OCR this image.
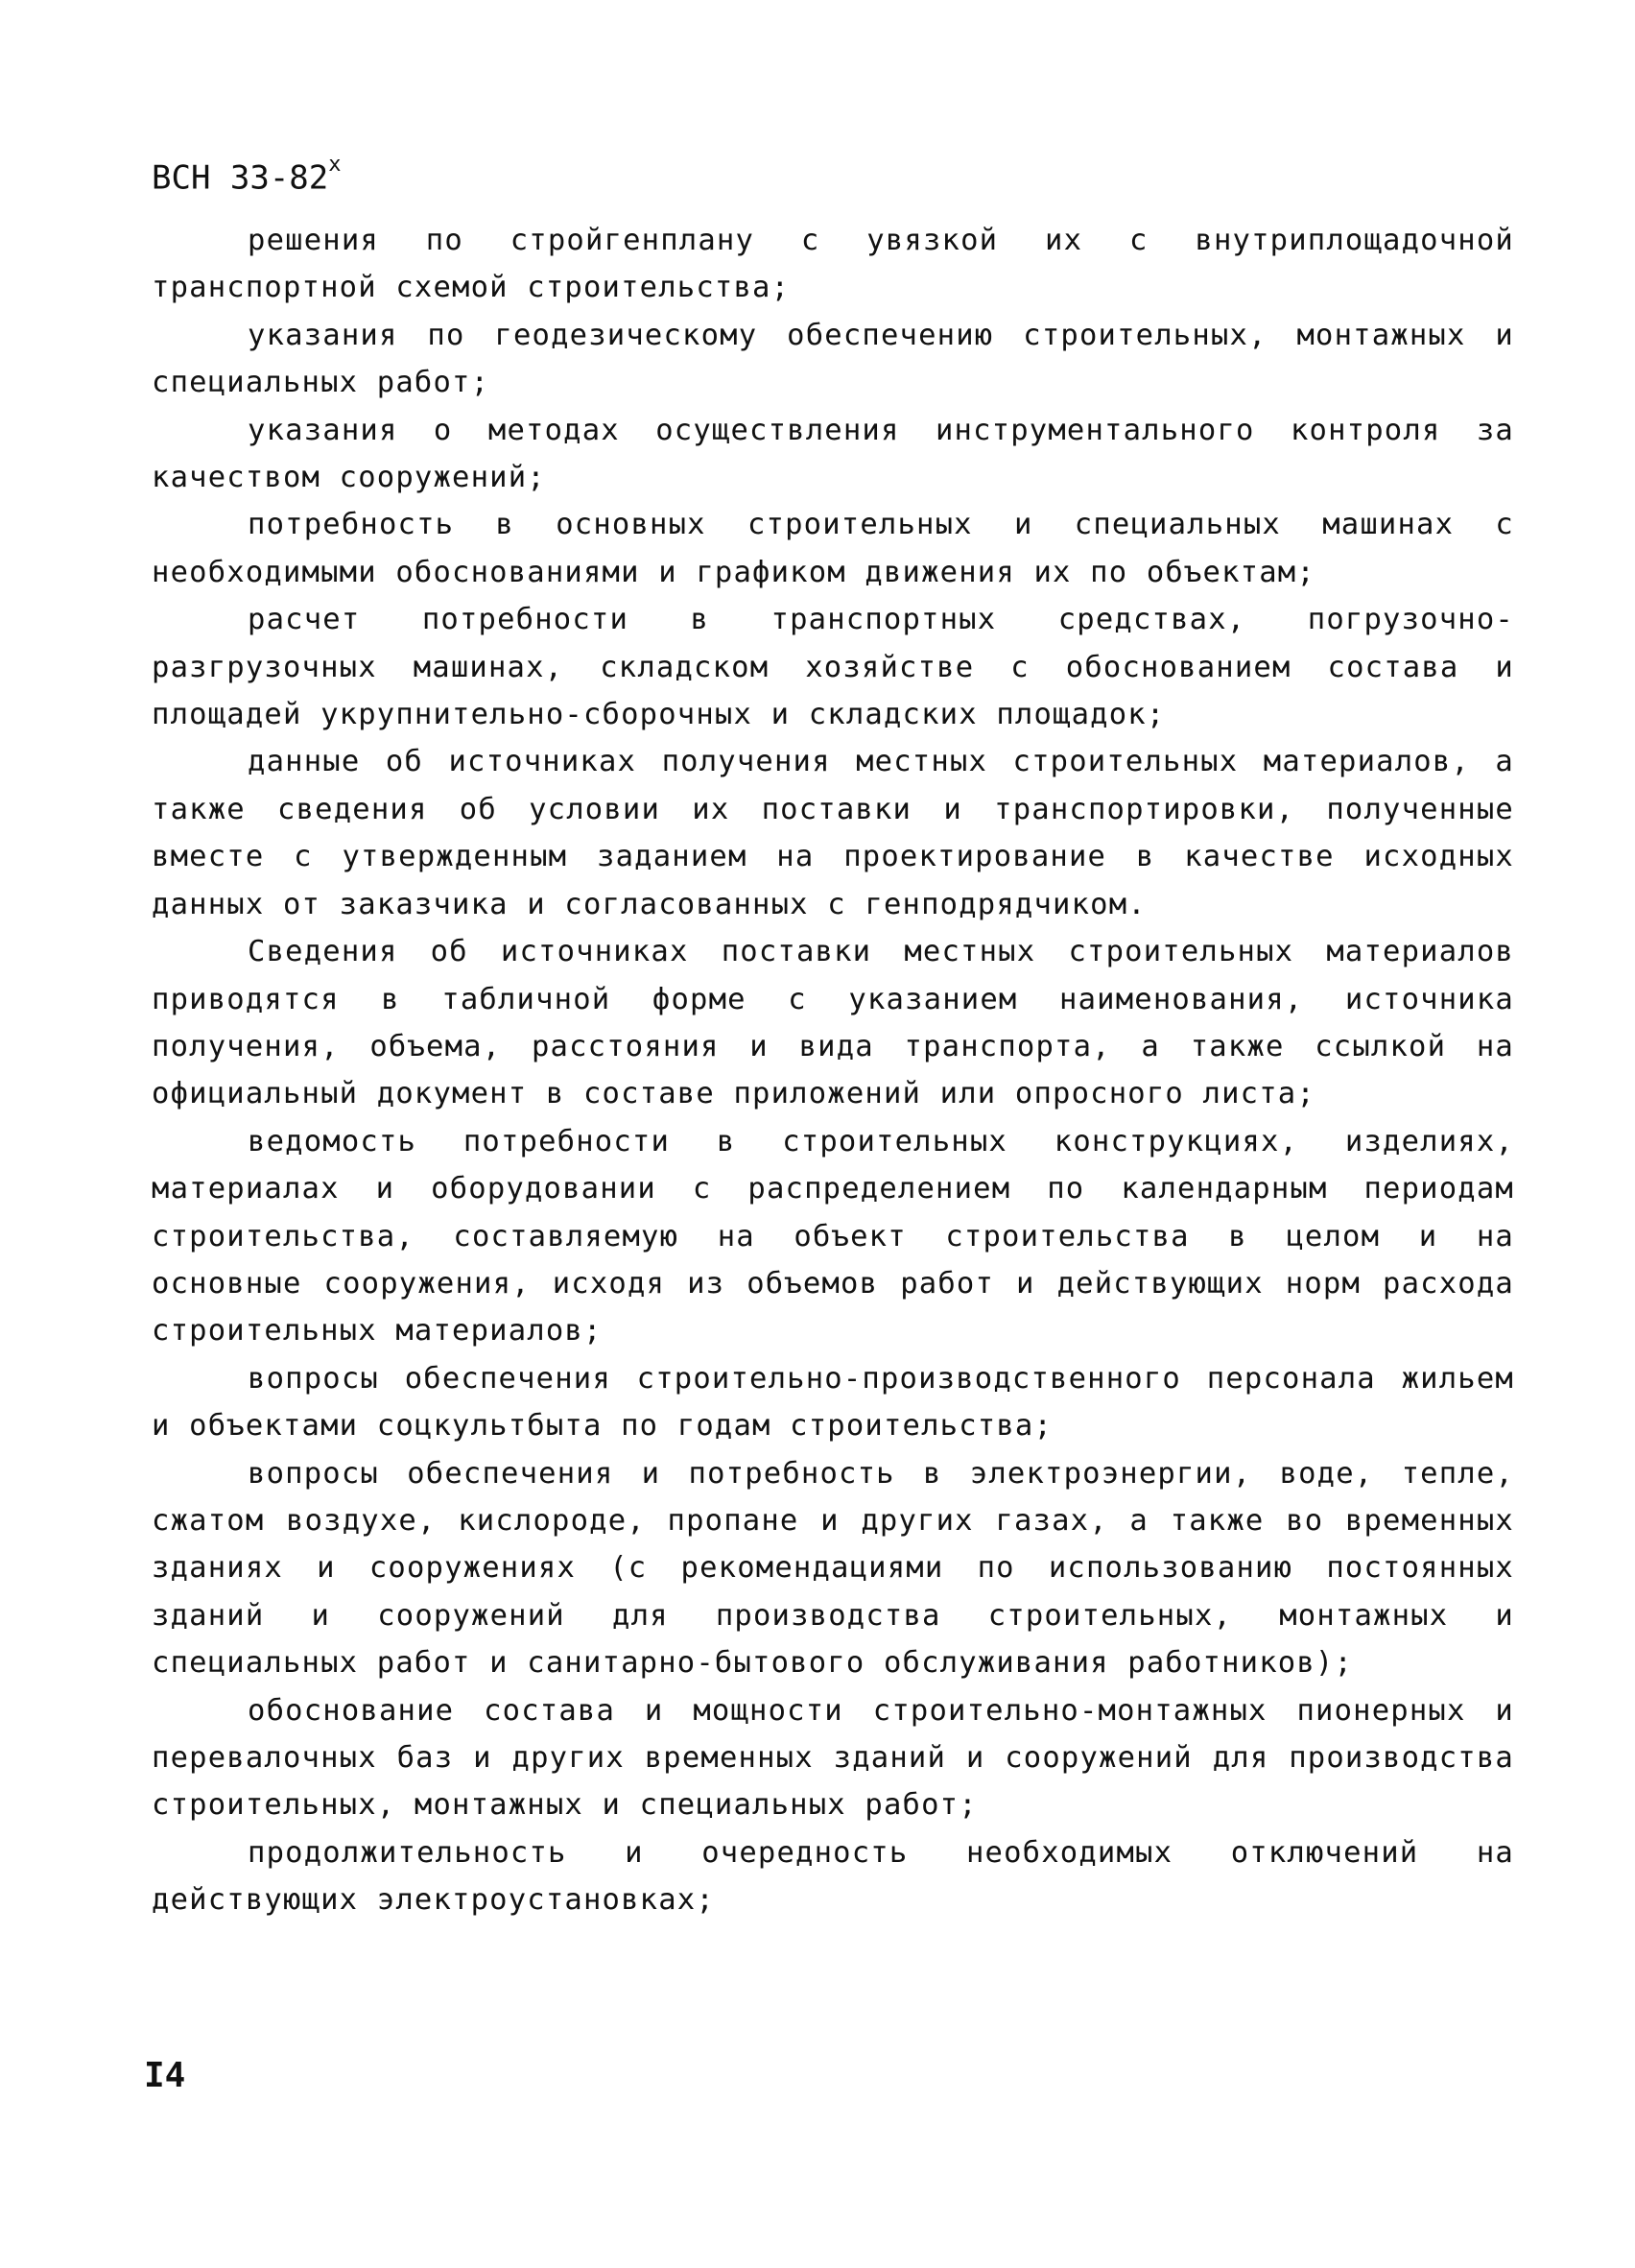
ВСН $33-82^х$

решения по стройгенплану с увязкой их с внутриплощадочной транспортной схемой строительства;

указания по геодезическому обеспечению строительных, монтажных и специальных работ;

указания о методах осуществления инструментального контроля за качеством сооружений;

потребность в основных строительных и специальных машинах с необходимыми обоснованиями и графиком движения их по объектам;

расчет потребности в транспортных средствах, погрузочно-разгрузочных машинах, складском хозяйстве с обоснованием состава и площадей укрупнительно-сборочных и складских площадок;

данные об источниках получения местных строительных материалов, а также сведения об условии их поставки и транспортировки, полученные вместе с утвержденным заданием на проектирование в качестве исходных данных от заказчика и согласованных с генподрядчиком.

Сведения об источниках поставки местных строительных материалов приводятся в табличной форме с указанием наименования, источника получения, объема, расстояния и вида транспорта, а также ссылкой на официальный документ в составе приложений или опросного листа;

ведомость потребности в строительных конструкциях, изделиях, материалах и оборудовании с распределением по календарным периодам строительства, составляемую на объект строительства в целом и на основные сооружения, исходя из объемов работ и действующих норм расхода строительных материалов;

вопросы обеспечения строительно-производственного персонала жильем и объектами соцкультбыта по годам строительства;

вопросы обеспечения и потребность в электроэнергии, воде, тепле, сжатом воздухе, кислороде, пропане и других газах, а также во временных зданиях и сооружениях (с рекомендациями по использованию постоянных зданий и сооружений для производства строительных, монтажных и специальных работ и санитарно-бытового обслуживания работников);

обоснование состава и мощности строительно-монтажных пионерных и перевалочных баз и других временных зданий и сооружений для производства строительных, монтажных и специальных работ;

продолжительность и очередность необходимых отключений на действующих электроустановках;

I4
